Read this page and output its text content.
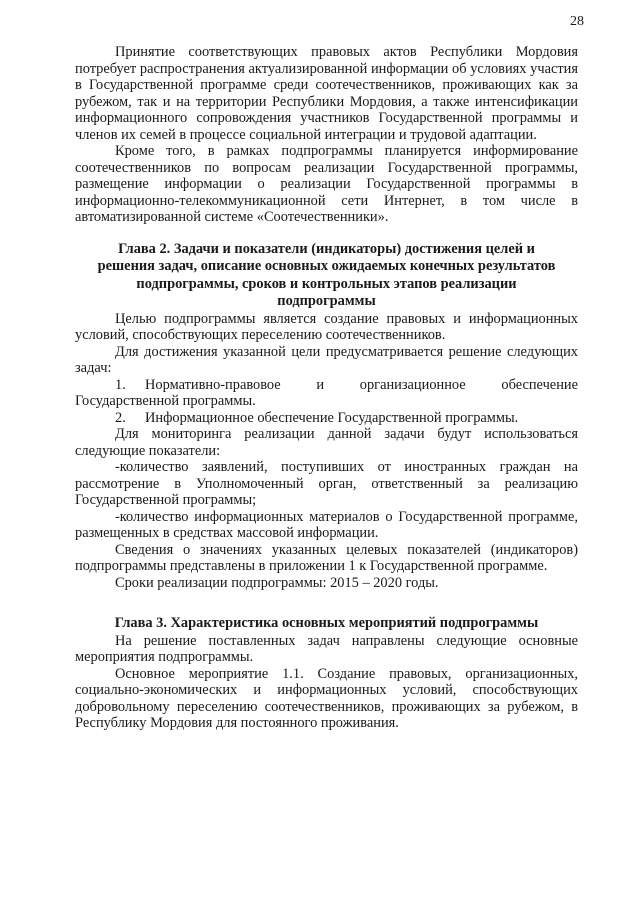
28

Принятие соответствующих правовых актов Республики Мордовия потребует распространения актуализированной информации об условиях участия в Государственной программе среди соотечественников, проживающих как за рубежом, так и на территории Республики Мордовия, а также интенсификации информационного сопровождения участников Государственной программы и членов их семей в процессе социальной интеграции и трудовой адаптации.

Кроме того, в рамках подпрограммы планируется информирование соотечественников по вопросам реализации Государственной программы, размещение информации о реализации Государственной программы в информационно-телекоммуникационной сети Интернет, в том числе в автоматизированной системе «Соотечественники».

Глава 2. Задачи и показатели (индикаторы) достижения целей и
решения задач, описание основных ожидаемых конечных результатов
подпрограммы, сроков и контрольных этапов реализации
подпрограммы

Целью подпрограммы является создание правовых и информационных условий, способствующих переселению соотечественников.

Для достижения указанной цели предусматривается решение следующих задач:

1. Нормативно-правовое и организационное обеспечение Государственной программы.

2. Информационное обеспечение Государственной программы.

Для мониторинга реализации данной задачи будут использоваться следующие показатели:

-количество заявлений, поступивших от иностранных граждан на рассмотрение в Уполномоченный орган, ответственный за реализацию Государственной программы;

-количество информационных материалов о Государственной программе, размещенных в средствах массовой информации.

Сведения о значениях указанных целевых показателей (индикаторов) подпрограммы представлены в приложении 1 к Государственной программе.

Сроки реализации подпрограммы: 2015 – 2020 годы.

Глава 3. Характеристика основных мероприятий подпрограммы

На решение поставленных задач направлены следующие основные мероприятия подпрограммы.

Основное мероприятие 1.1. Создание правовых, организационных, социально-экономических и информационных условий, способствующих добровольному переселению соотечественников, проживающих за рубежом, в Республику Мордовия для постоянного проживания.
